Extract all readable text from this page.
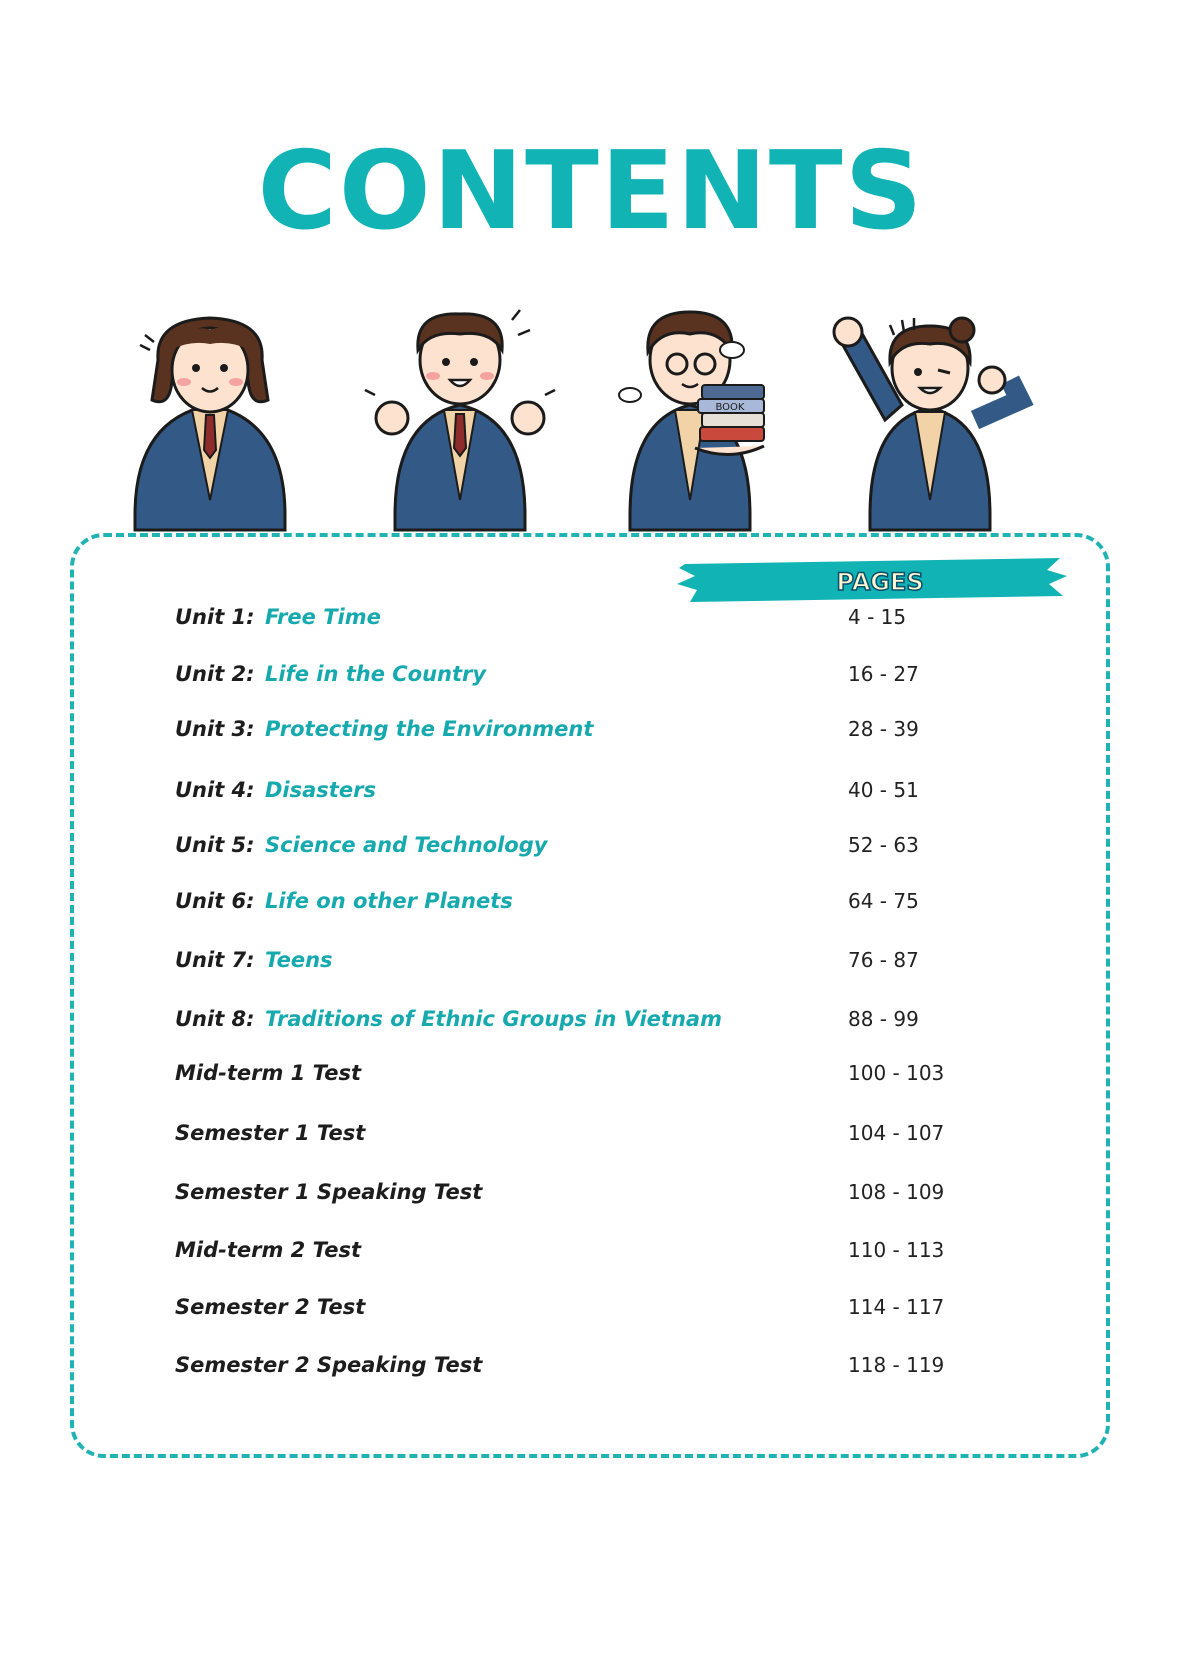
CONTENTS
BOOK
PAGES
Unit 1: Free Time	4 - 15
Unit 2: Life in the Country	16 - 27
Unit 3: Protecting the Environment	28 - 39
Unit 4: Disasters	40 - 51
Unit 5: Science and Technology	52 - 63
Unit 6: Life on other Planets	64 - 75
Unit 7: Teens	76 - 87
Unit 8: Traditions of Ethnic Groups in Vietnam	88 - 99
Mid-term 1 Test	100 - 103
Semester 1 Test	104 - 107
Semester 1 Speaking Test	108 - 109
Mid-term 2 Test	110 - 113
Semester 2 Test	114 - 117
Semester 2 Speaking Test	118 - 119
